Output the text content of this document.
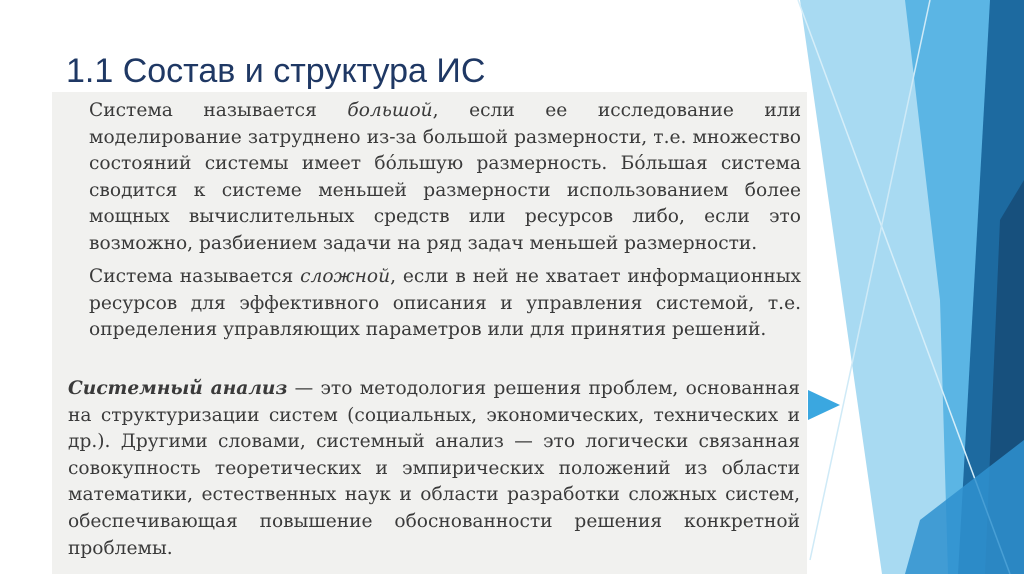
1.1 Состав и структура ИС

Система называется большой, если ее исследование или моделирование затруднено из-за большой размерности, т.е. множество состояний системы имеет бóльшую размерность. Бóльшая система сводится к системе меньшей размерности использованием более мощных вычислительных средств или ресурсов либо, если это возможно, разбиением задачи на ряд задач меньшей размерности.

Система называется сложной, если в ней не хватает информационных ресурсов для эффективного описания и управления системой, т.е. определения управляющих параметров или для принятия решений.

Системный анализ — это методология решения проблем, основанная на структуризации систем (социальных, экономических, технических и др.). Другими словами, системный анализ — это логически связанная совокупность теоретических и эмпирических положений из области математики, естественных наук и области разработки сложных систем, обеспечивающая повышение обоснованности решения конкретной проблемы.
